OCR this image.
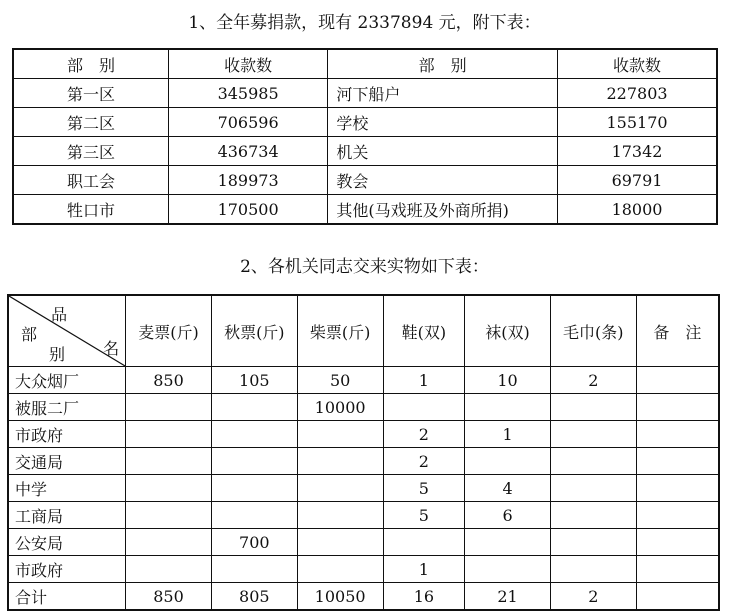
1、全年募捐款，现有 2337894 元，附下表：
部　别	收款数	部　别	收款数
第一区	345985	河下船户	227803
第二区	706596	学校	155170
第三区	436734	机关	17342
职工会	189973	教会	69791
牲口市	170500	其他(马戏班及外商所捐)	18000
2、各机关同志交来实物如下表：
品
部
别 名	麦票(斤)	秋票(斤)	柴票(斤)	鞋(双)	袜(双)	毛巾(条)	备　注
大众烟厂	850	105	50	1	10	2	
被服二厂			10000				
市政府				2	1		
交通局				2			
中学				5	4		
工商局				5	6		
公安局		700					
市政府				1			
合计	850	805	10050	16	21	2	
